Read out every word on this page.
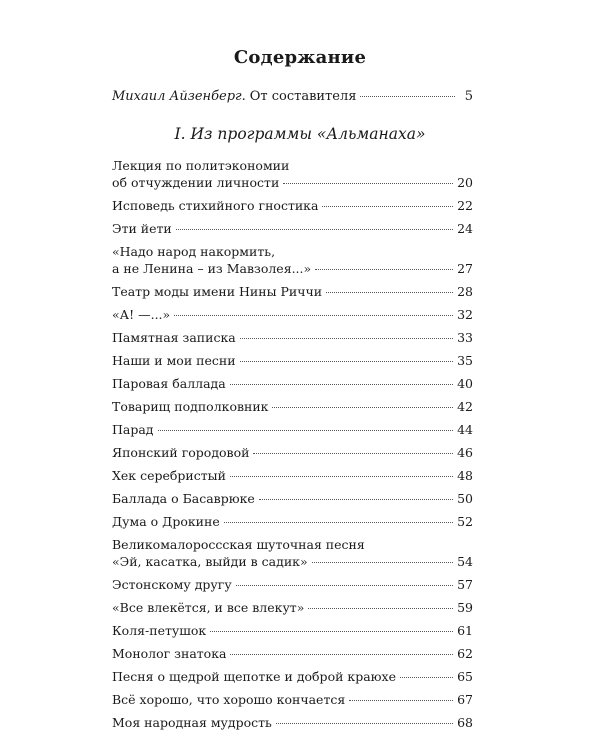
Содержание
Михаил Айзенберг. От составителя	5
I. Из программы «Альманаха»
Лекция по политэкономии
об отчуждении личности	20
Исповедь стихийного гностика	22
Эти йети	24
«Надо народ накормить,
а не Ленина – из Мавзолея...»	27
Театр моды имени Нины Риччи	28
«А! —...»	32
Памятная записка	33
Наши и мои песни	35
Паровая баллада	40
Товарищ подполковник	42
Парад	44
Японский городовой	46
Хек серебристый	48
Баллада о Басаврюке	50
Дума о Дрокине	52
Великомалороссская шуточная песня
«Эй, касатка, выйди в садик»	54
Эстонскому другу	57
«Все влекётся, и все влекут»	59
Коля-петушок	61
Монолог знатока	62
Песня о щедрой щепотке и доброй краюхе	65
Всё хорошо, что хорошо кончается	67
Моя народная мудрость	68
